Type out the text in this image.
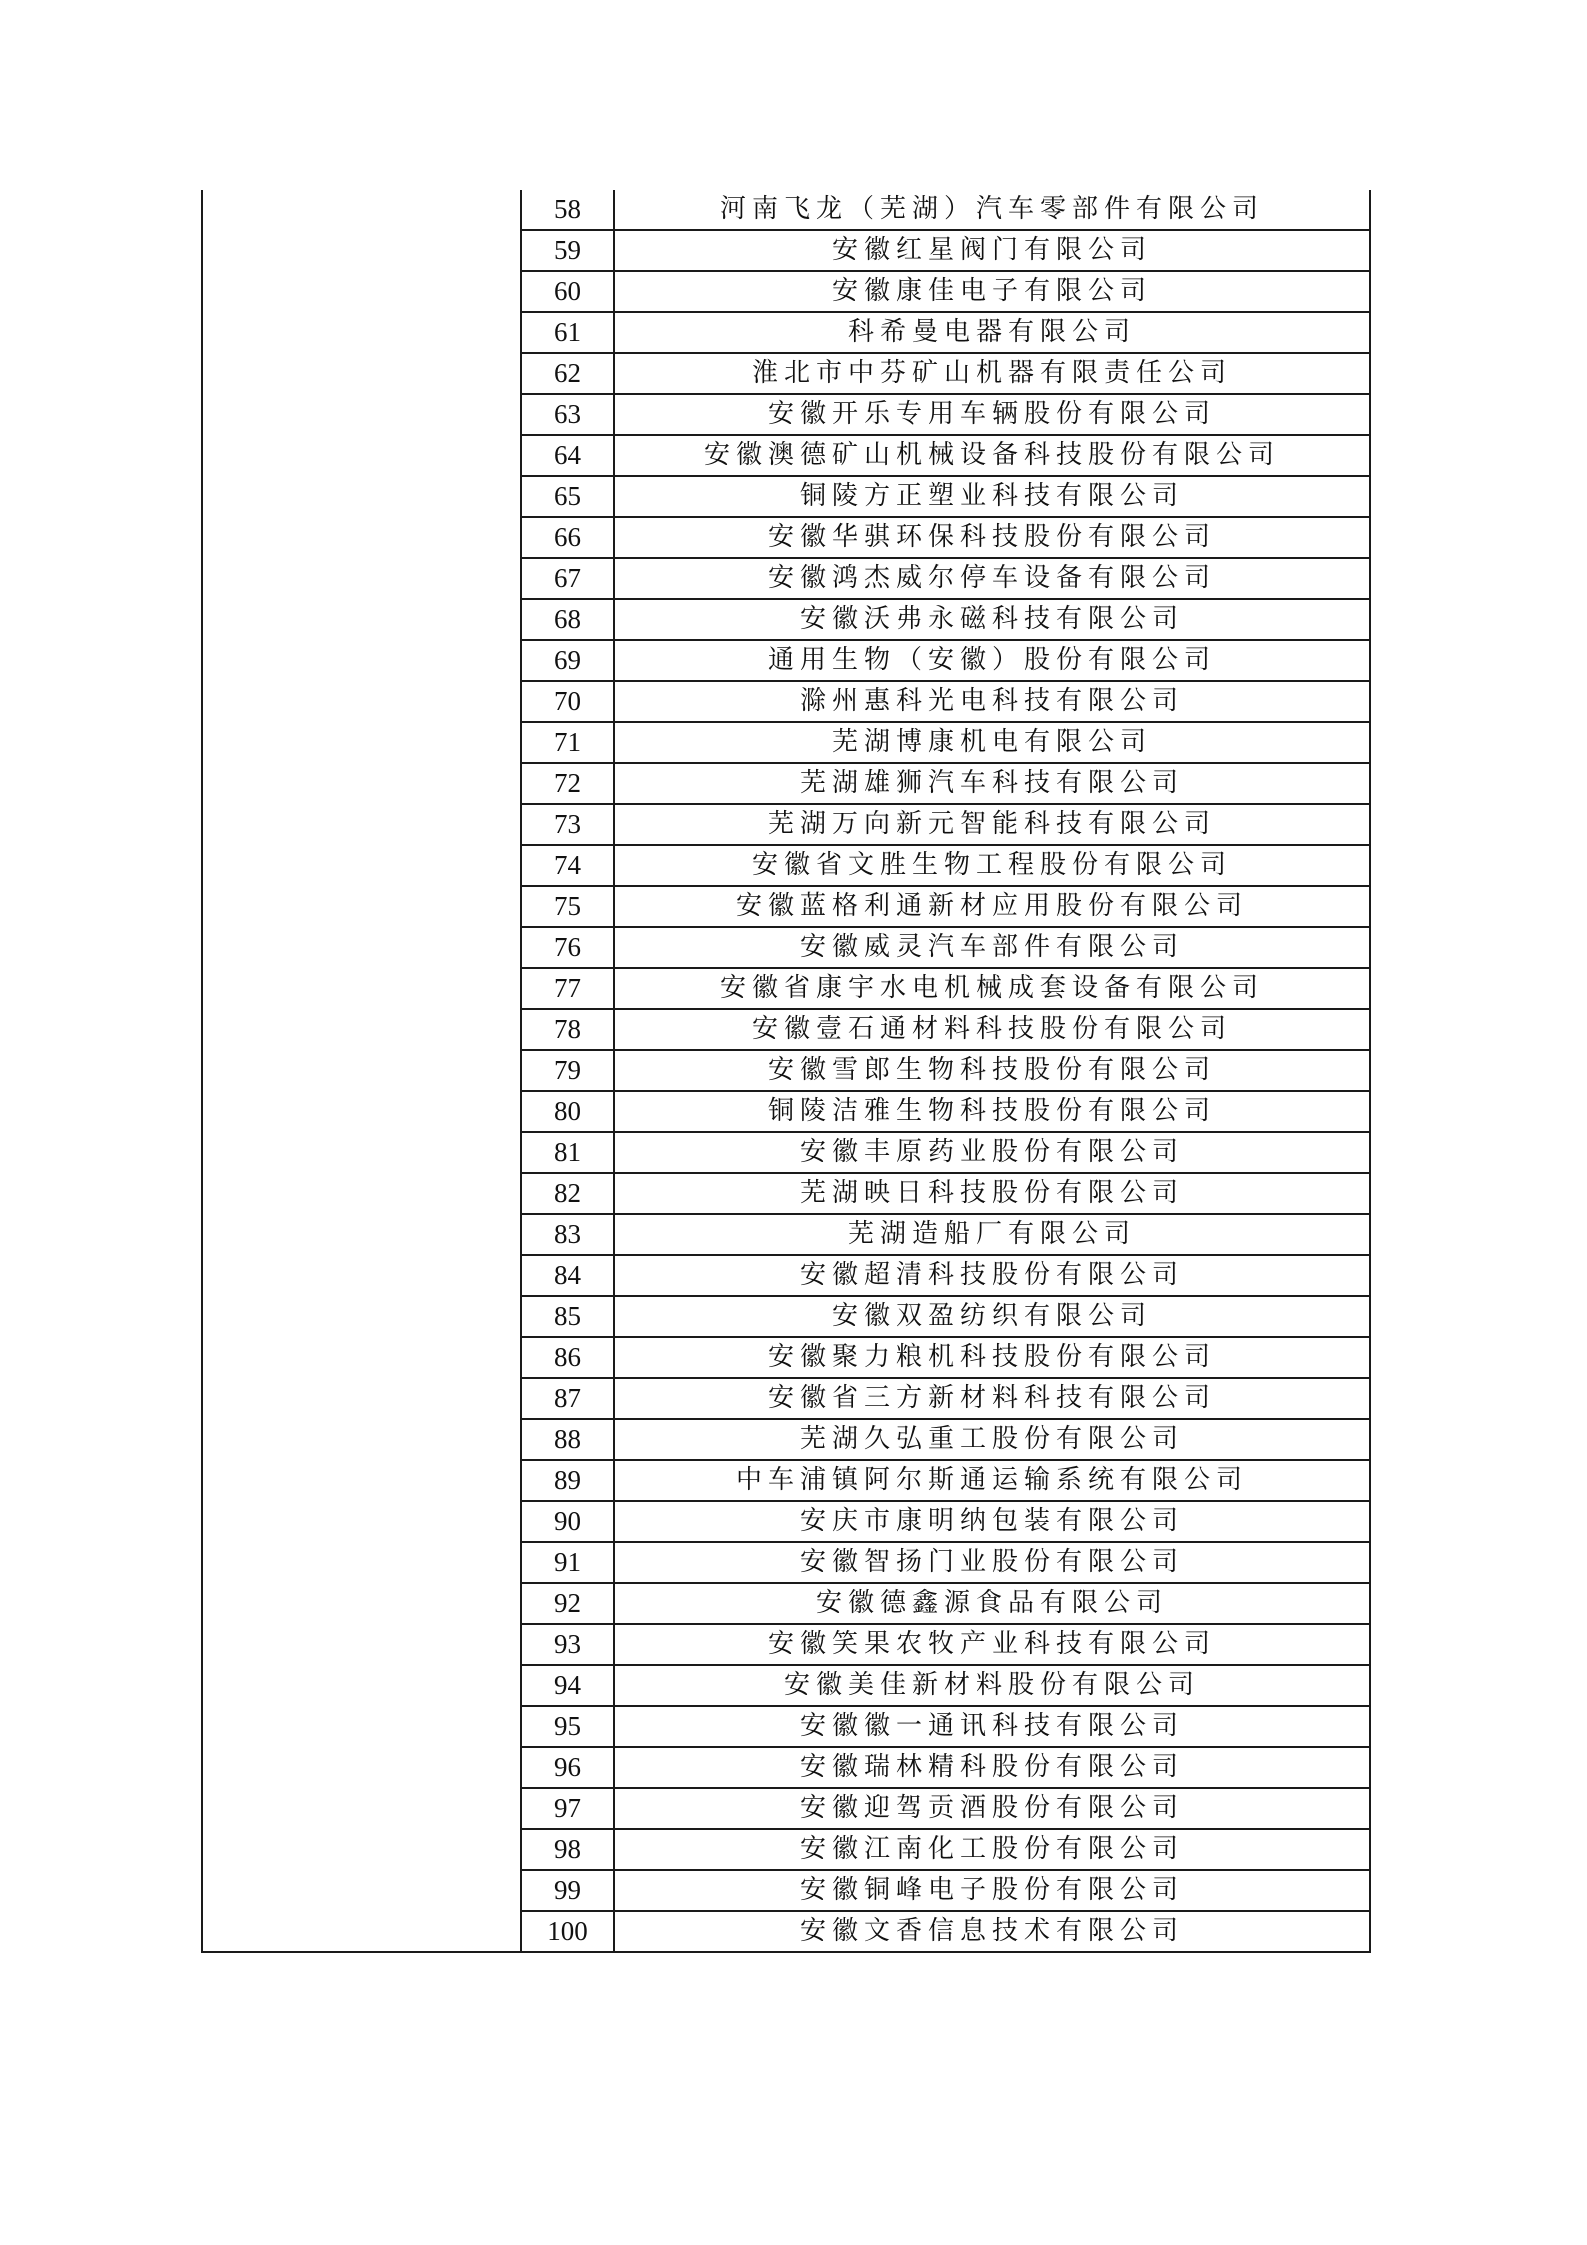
	58	河南飞龙（芜湖）汽车零部件有限公司
	59	安徽红星阀门有限公司
	60	安徽康佳电子有限公司
	61	科希曼电器有限公司
	62	淮北市中芬矿山机器有限责任公司
	63	安徽开乐专用车辆股份有限公司
	64	安徽澳德矿山机械设备科技股份有限公司
	65	铜陵方正塑业科技有限公司
	66	安徽华骐环保科技股份有限公司
	67	安徽鸿杰威尔停车设备有限公司
	68	安徽沃弗永磁科技有限公司
	69	通用生物（安徽）股份有限公司
	70	滁州惠科光电科技有限公司
	71	芜湖博康机电有限公司
	72	芜湖雄狮汽车科技有限公司
	73	芜湖万向新元智能科技有限公司
	74	安徽省文胜生物工程股份有限公司
	75	安徽蓝格利通新材应用股份有限公司
	76	安徽威灵汽车部件有限公司
	77	安徽省康宇水电机械成套设备有限公司
	78	安徽壹石通材料科技股份有限公司
	79	安徽雪郎生物科技股份有限公司
	80	铜陵洁雅生物科技股份有限公司
	81	安徽丰原药业股份有限公司
	82	芜湖映日科技股份有限公司
	83	芜湖造船厂有限公司
	84	安徽超清科技股份有限公司
	85	安徽双盈纺织有限公司
	86	安徽聚力粮机科技股份有限公司
	87	安徽省三方新材料科技有限公司
	88	芜湖久弘重工股份有限公司
	89	中车浦镇阿尔斯通运输系统有限公司
	90	安庆市康明纳包装有限公司
	91	安徽智扬门业股份有限公司
	92	安徽德鑫源食品有限公司
	93	安徽笑果农牧产业科技有限公司
	94	安徽美佳新材料股份有限公司
	95	安徽徽一通讯科技有限公司
	96	安徽瑞林精科股份有限公司
	97	安徽迎驾贡酒股份有限公司
	98	安徽江南化工股份有限公司
	99	安徽铜峰电子股份有限公司
	100	安徽文香信息技术有限公司
